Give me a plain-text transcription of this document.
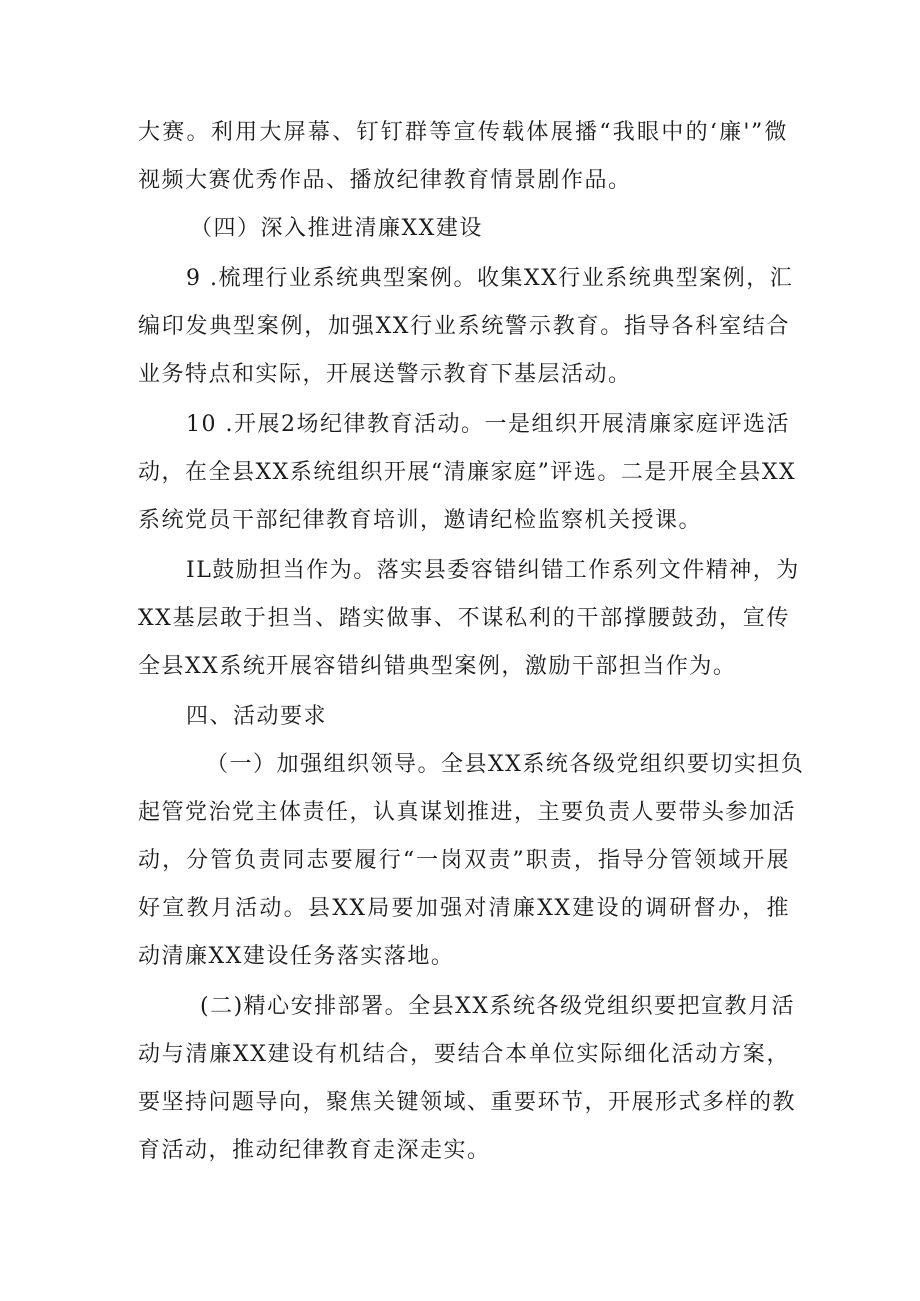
大赛。利用大屏幕、钉钉群等宣传载体展播“我眼中的‘廉'”微
视频大赛优秀作品、播放纪律教育情景剧作品。
（四）深入推进清廉XX建设
9 .梳理行业系统典型案例。收集XX行业系统典型案例，汇
编印发典型案例，加强XX行业系统警示教育。指导各科室结合
业务特点和实际，开展送警示教育下基层活动。
10 .开展2场纪律教育活动。一是组织开展清廉家庭评选活
动，在全县XX系统组织开展“清廉家庭”评选。二是开展全县XX
系统党员干部纪律教育培训，邀请纪检监察机关授课。
IL鼓励担当作为。落实县委容错纠错工作系列文件精神，为
XX基层敢于担当、踏实做事、不谋私利的干部撑腰鼓劲，宣传
全县XX系统开展容错纠错典型案例，激励干部担当作为。
四、活动要求
（一）加强组织领导。全县XX系统各级党组织要切实担负
起管党治党主体责任，认真谋划推进，主要负责人要带头参加活
动，分管负责同志要履行“一岗双责”职责，指导分管领域开展
好宣教月活动。县XX局要加强对清廉XX建设的调研督办，推
动清廉XX建设任务落实落地。
(二)精心安排部署。全县XX系统各级党组织要把宣教月活
动与清廉XX建设有机结合，要结合本单位实际细化活动方案，
要坚持问题导向，聚焦关键领域、重要环节，开展形式多样的教
育活动，推动纪律教育走深走实。
